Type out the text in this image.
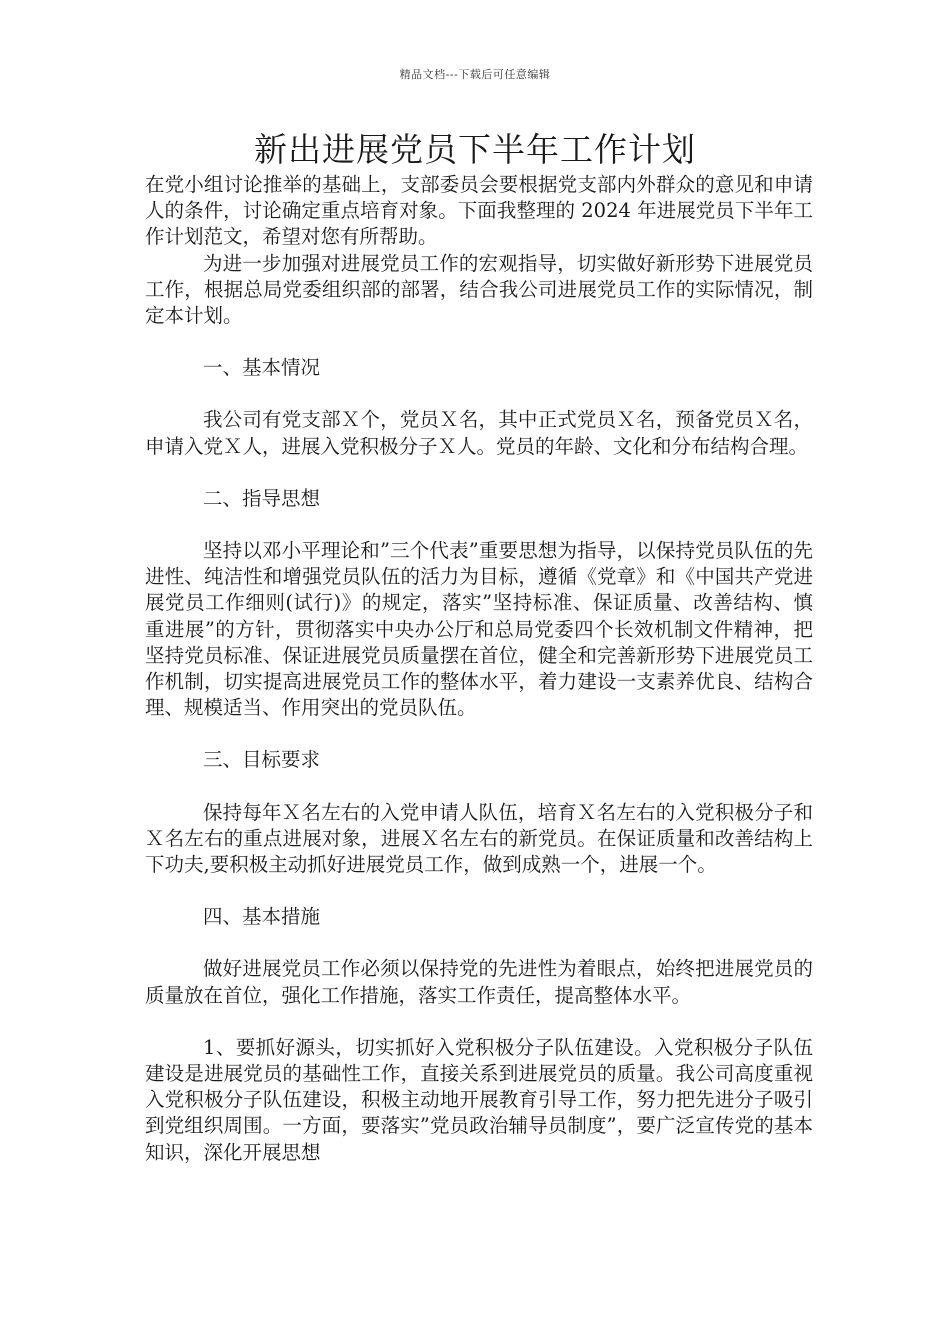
精品文档---下载后可任意编辑
新出进展党员下半年工作计划

在党小组讨论推举的基础上，支部委员会要根据党支部内外群众的意见和申请人的条件，讨论确定重点培育对象。下面我整理的 2024 年进展党员下半年工作计划范文，希望对您有所帮助。

为进一步加强对进展党员工作的宏观指导，切实做好新形势下进展党员工作，根据总局党委组织部的部署，结合我公司进展党员工作的实际情况，制定本计划。

一、基本情况

我公司有党支部Ｘ个，党员Ｘ名，其中正式党员Ｘ名，预备党员Ｘ名，申请入党Ｘ人，进展入党积极分子Ｘ人。党员的年龄、文化和分布结构合理。

二、指导思想

坚持以邓小平理论和”三个代表”重要思想为指导，以保持党员队伍的先进性、纯洁性和增强党员队伍的活力为目标，遵循《党章》和《中国共产党进展党员工作细则(试行)》的规定，落实”坚持标准、保证质量、改善结构、慎重进展”的方针，贯彻落实中央办公厅和总局党委四个长效机制文件精神，把坚持党员标准、保证进展党员质量摆在首位，健全和完善新形势下进展党员工作机制，切实提高进展党员工作的整体水平，着力建设一支素养优良、结构合理、规模适当、作用突出的党员队伍。

三、目标要求

保持每年Ｘ名左右的入党申请人队伍，培育Ｘ名左右的入党积极分子和Ｘ名左右的重点进展对象，进展Ｘ名左右的新党员。在保证质量和改善结构上下功夫,要积极主动抓好进展党员工作，做到成熟一个，进展一个。

四、基本措施

做好进展党员工作必须以保持党的先进性为着眼点，始终把进展党员的质量放在首位，强化工作措施，落实工作责任，提高整体水平。

1、要抓好源头，切实抓好入党积极分子队伍建设。入党积极分子队伍建设是进展党员的基础性工作，直接关系到进展党员的质量。我公司高度重视入党积极分子队伍建设，积极主动地开展教育引导工作，努力把先进分子吸引到党组织周围。一方面，要落实”党员政治辅导员制度”，要广泛宣传党的基本知识，深化开展思想
